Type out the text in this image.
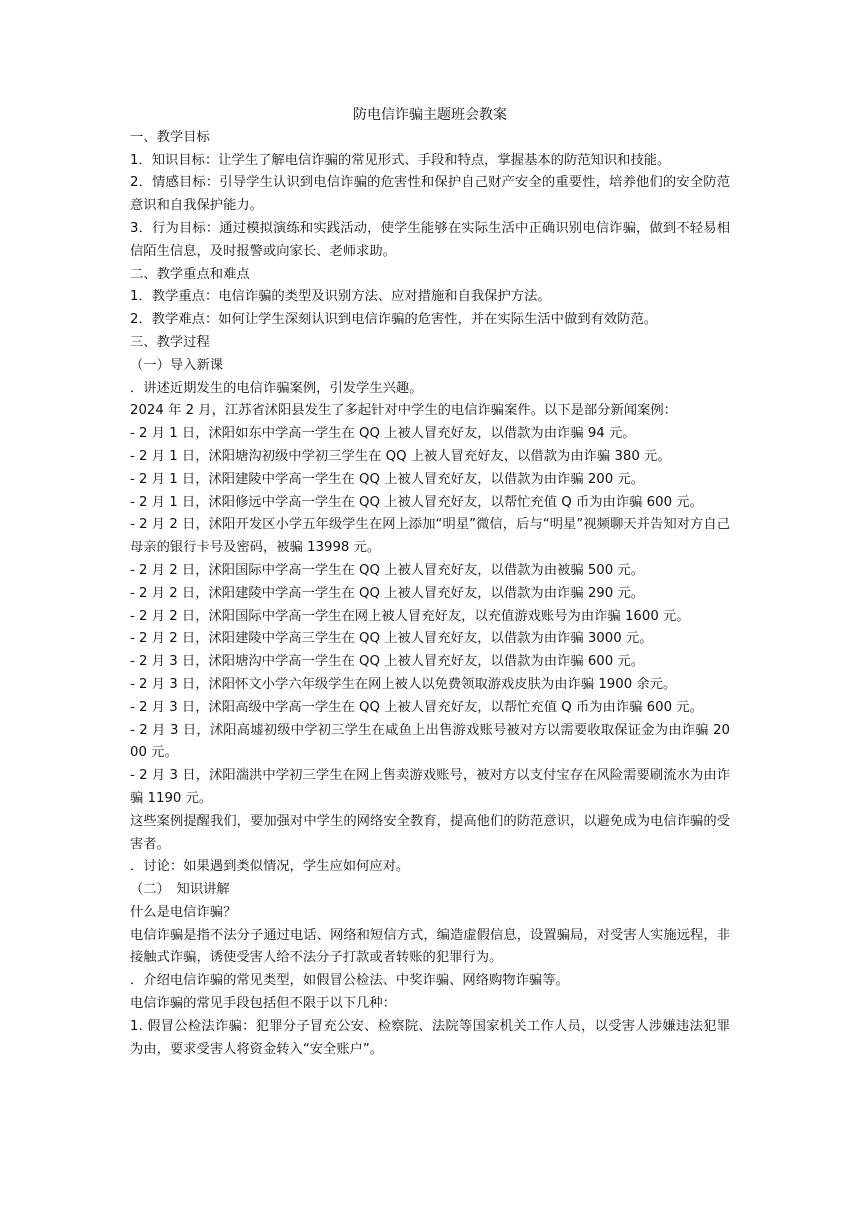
防电信诈骗主题班会教案

一、教学目标

1．知识目标：让学生了解电信诈骗的常见形式、手段和特点，掌握基本的防范知识和技能。

2．情感目标：引导学生认识到电信诈骗的危害性和保护自己财产安全的重要性，培养他们的安全防范意识和自我保护能力。

3．行为目标：通过模拟演练和实践活动，使学生能够在实际生活中正确识别电信诈骗，做到不轻易相信陌生信息，及时报警或向家长、老师求助。

二、教学重点和难点

1．教学重点：电信诈骗的类型及识别方法、应对措施和自我保护方法。

2．教学难点：如何让学生深刻认识到电信诈骗的危害性，并在实际生活中做到有效防范。

三、教学过程

（一）导入新课

．讲述近期发生的电信诈骗案例，引发学生兴趣。

2024 年 2 月，江苏省沭阳县发生了多起针对中学生的电信诈骗案件。以下是部分新闻案例：

- 2 月 1 日，沭阳如东中学高一学生在 QQ 上被人冒充好友，以借款为由诈骗 94 元。

- 2 月 1 日，沭阳塘沟初级中学初三学生在 QQ 上被人冒充好友，以借款为由诈骗 380 元。

- 2 月 1 日，沭阳建陵中学高一学生在 QQ 上被人冒充好友，以借款为由诈骗 200 元。

- 2 月 1 日，沭阳修远中学高一学生在 QQ 上被人冒充好友，以帮忙充值 Q 币为由诈骗 600 元。

- 2 月 2 日，沭阳开发区小学五年级学生在网上添加“明星”微信，后与“明星”视频聊天并告知对方自己母亲的银行卡号及密码，被骗 13998 元。

- 2 月 2 日，沭阳国际中学高一学生在 QQ 上被人冒充好友，以借款为由被骗 500 元。

- 2 月 2 日，沭阳建陵中学高一学生在 QQ 上被人冒充好友，以借款为由诈骗 290 元。

- 2 月 2 日，沭阳国际中学高一学生在网上被人冒充好友，以充值游戏账号为由诈骗 1600 元。

- 2 月 2 日，沭阳建陵中学高三学生在 QQ 上被人冒充好友，以借款为由诈骗 3000 元。

- 2 月 3 日，沭阳塘沟中学高一学生在 QQ 上被人冒充好友，以借款为由诈骗 600 元。

- 2 月 3 日，沭阳怀文小学六年级学生在网上被人以免费领取游戏皮肤为由诈骗 1900 余元。

- 2 月 3 日，沭阳高级中学高一学生在 QQ 上被人冒充好友，以帮忙充值 Q 币为由诈骗 600 元。

- 2 月 3 日，沭阳高墟初级中学初三学生在咸鱼上出售游戏账号被对方以需要收取保证金为由诈骗 2000 元。

- 2 月 3 日，沭阳湍洪中学初三学生在网上售卖游戏账号，被对方以支付宝存在风险需要刷流水为由诈骗 1190 元。

这些案例提醒我们，要加强对中学生的网络安全教育，提高他们的防范意识，以避免成为电信诈骗的受害者。

．讨论：如果遇到类似情况，学生应如何应对。

（二）　知识讲解

什么是电信诈骗？

电信诈骗是指不法分子通过电话、网络和短信方式，编造虚假信息，设置骗局，对受害人实施远程，非接触式诈骗，诱使受害人给不法分子打款或者转账的犯罪行为。

．介绍电信诈骗的常见类型，如假冒公检法、中奖诈骗、网络购物诈骗等。

电信诈骗的常见手段包括但不限于以下几种：

1. 假冒公检法诈骗：犯罪分子冒充公安、检察院、法院等国家机关工作人员，以受害人涉嫌违法犯罪为由，要求受害人将资金转入“安全账户”。
